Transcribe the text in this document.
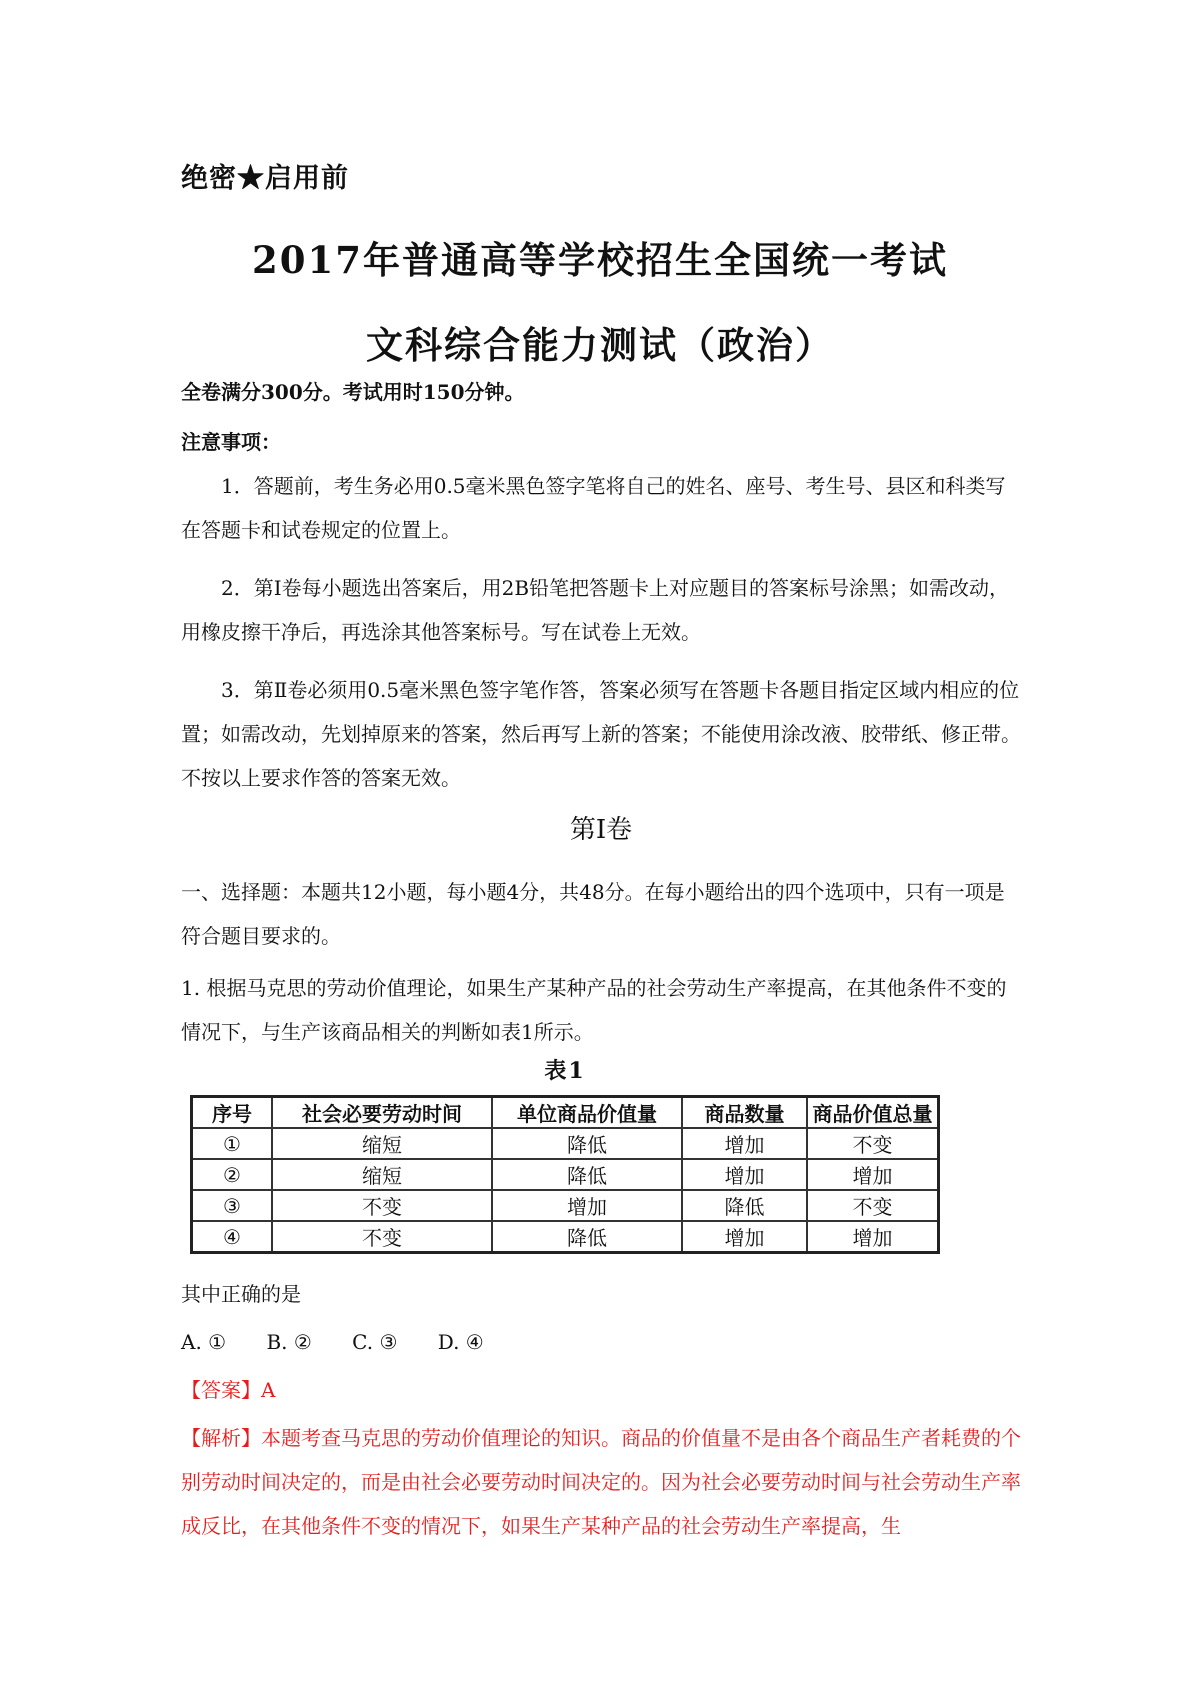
绝密★启用前
2017年普通高等学校招生全国统一考试
文科综合能力测试（政治）
全卷满分300分。考试用时150分钟。
注意事项：
1．答题前，考生务必用0.5毫米黑色签字笔将自己的姓名、座号、考生号、县区和科类写在答题卡和试卷规定的位置上。
2．第Ⅰ卷每小题选出答案后，用2B铅笔把答题卡上对应题目的答案标号涂黑；如需改动，用橡皮擦干净后，再选涂其他答案标号。写在试卷上无效。
3．第Ⅱ卷必须用0.5毫米黑色签字笔作答，答案必须写在答题卡各题目指定区域内相应的位置；如需改动，先划掉原来的答案，然后再写上新的答案；不能使用涂改液、胶带纸、修正带。不按以上要求作答的答案无效。
第Ⅰ卷
一、选择题：本题共12小题，每小题4分，共48分。在每小题给出的四个选项中，只有一项是符合题目要求的。
1. 根据马克思的劳动价值理论，如果生产某种产品的社会劳动生产率提高，在其他条件不变的情况下，与生产该商品相关的判断如表1所示。
表1
序号	社会必要劳动时间	单位商品价值量	商品数量	商品价值总量
①	缩短	降低	增加	不变
②	缩短	降低	增加	增加
③	不变	增加	降低	不变
④	不变	降低	增加	增加
其中正确的是
A. ① B. ② C. ③ D. ④
【答案】A
【解析】本题考查马克思的劳动价值理论的知识。商品的价值量不是由各个商品生产者耗费的个别劳动时间决定的，而是由社会必要劳动时间决定的。因为社会必要劳动时间与社会劳动生产率成反比，在其他条件不变的情况下，如果生产某种产品的社会劳动生产率提高，生
